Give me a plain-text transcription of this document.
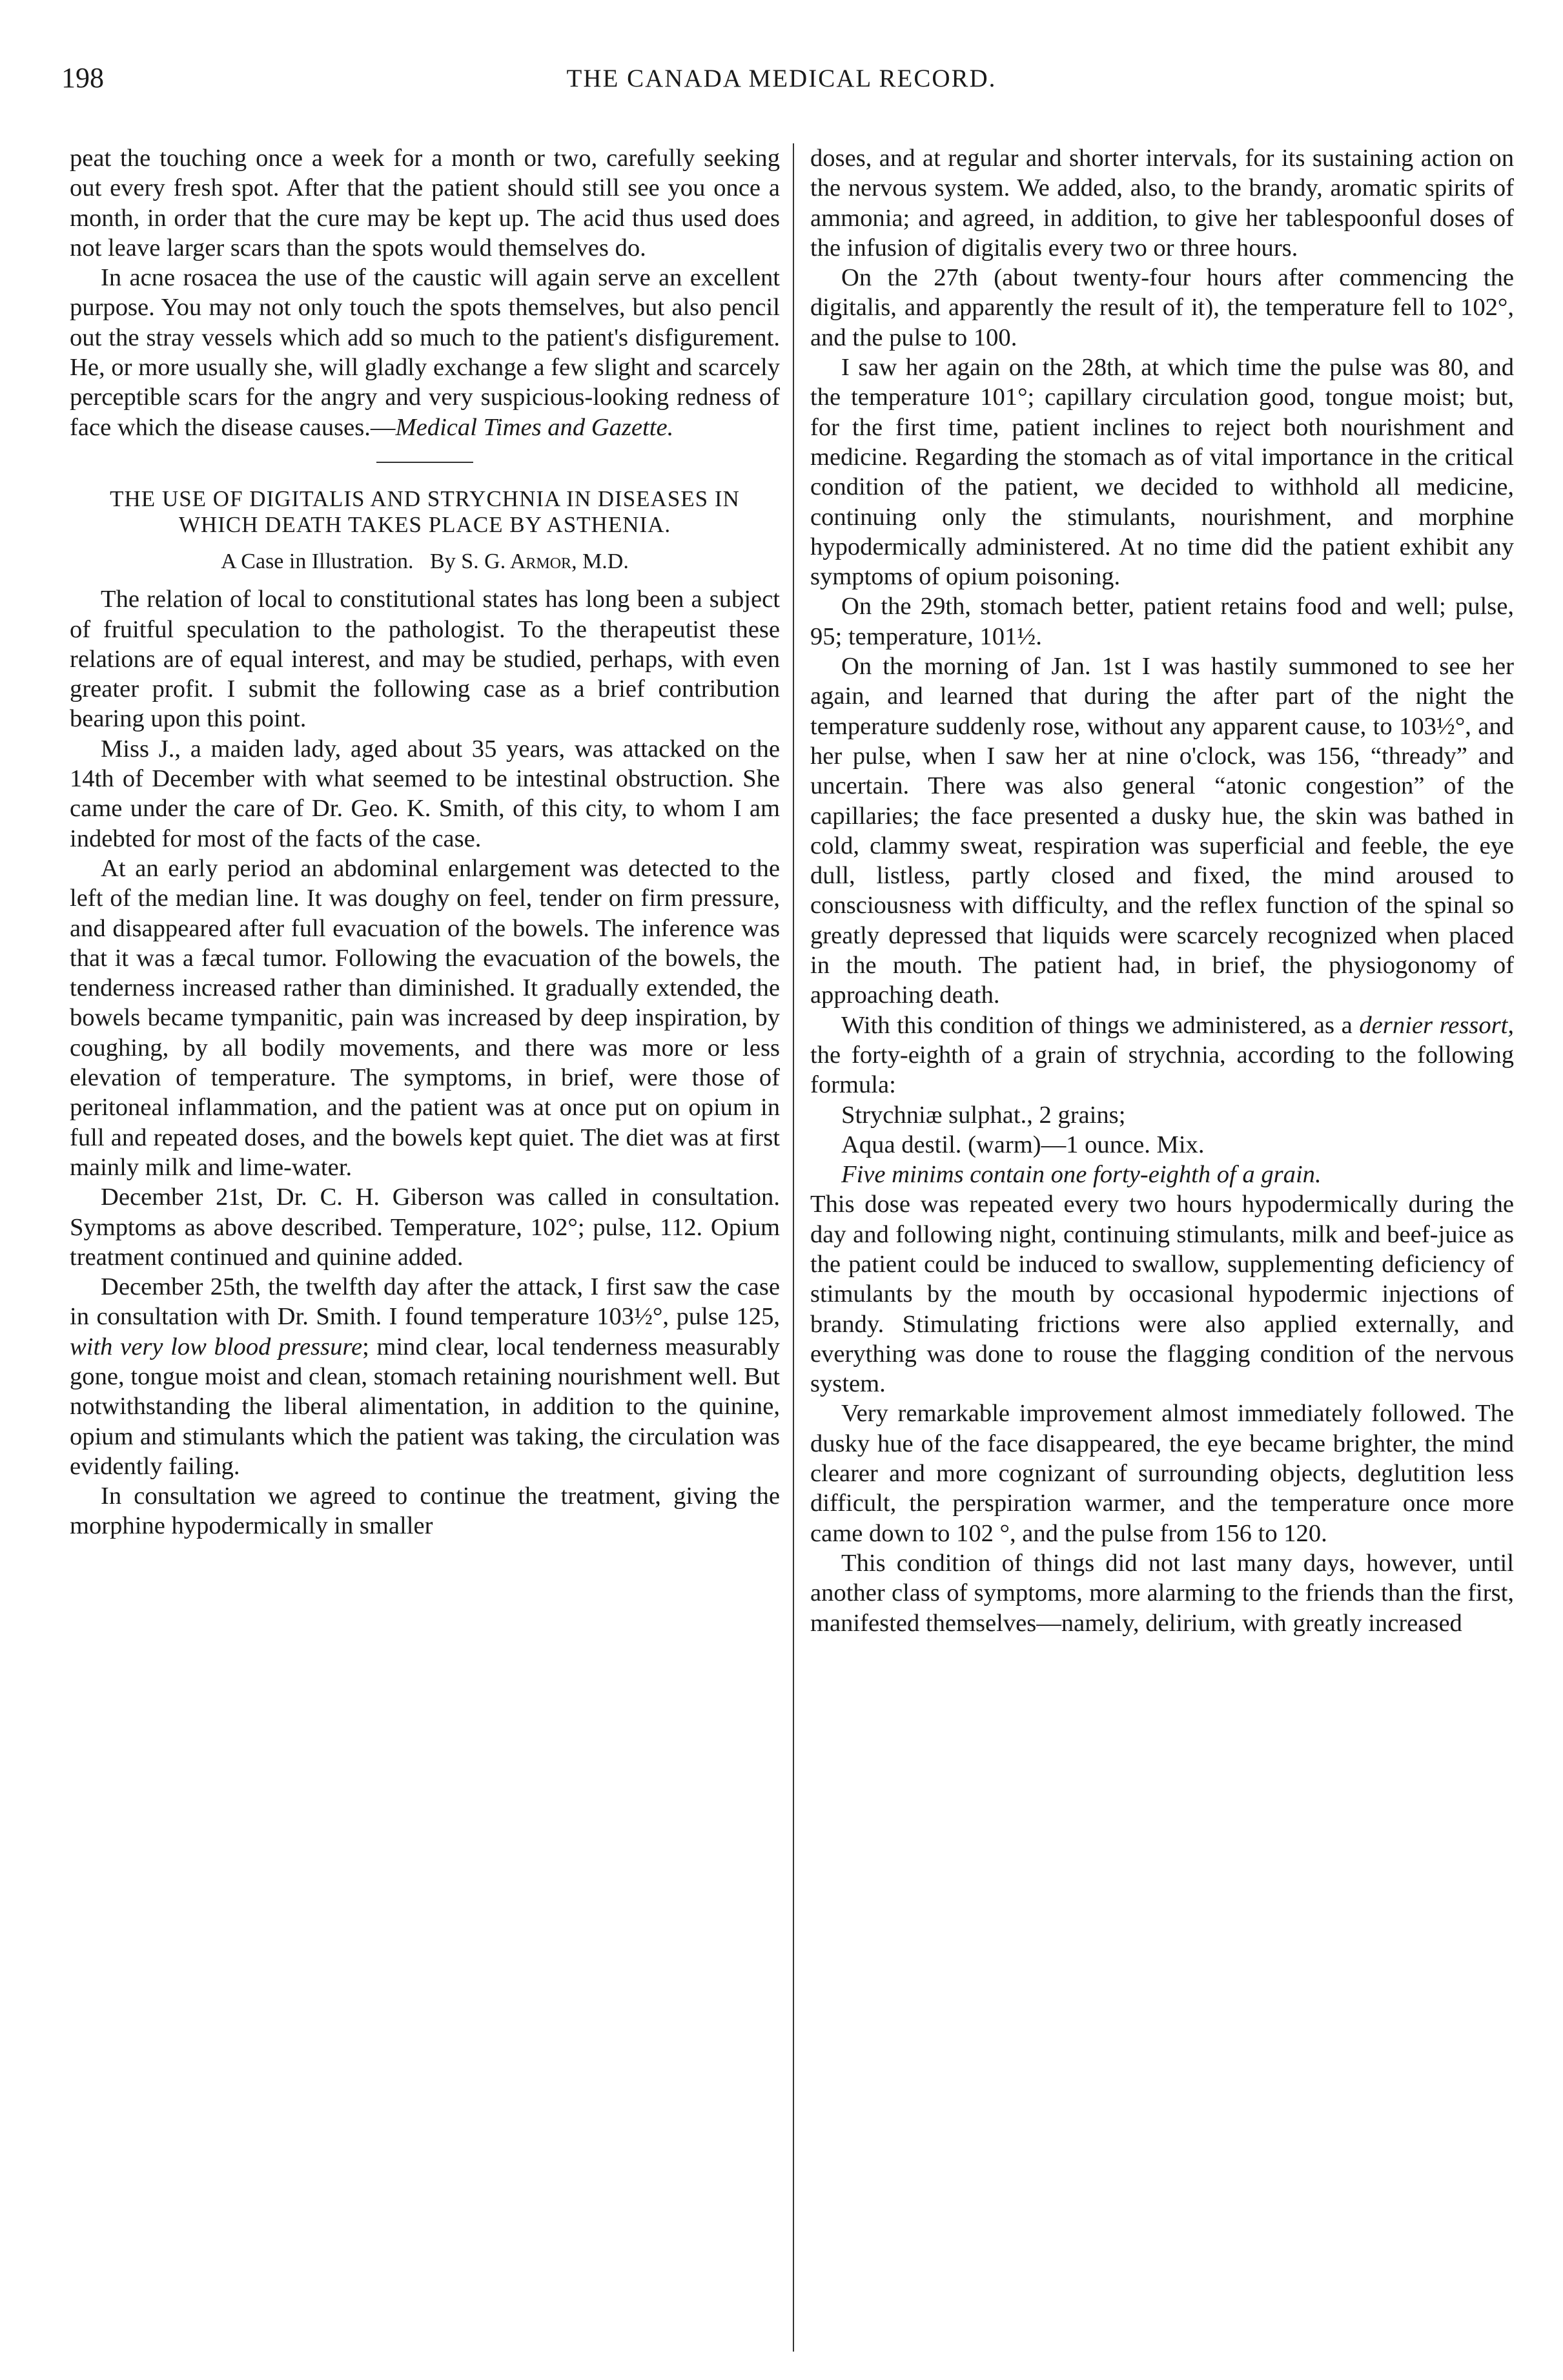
198	THE CANADA MEDICAL RECORD.

peat the touching once a week for a month or two, carefully seeking out every fresh spot. After that the patient should still see you once a month, in order that the cure may be kept up. The acid thus used does not leave larger scars than the spots would themselves do.

In acne rosacea the use of the caustic will again serve an excellent purpose. You may not only touch the spots themselves, but also pencil out the stray vessels which add so much to the patient's disfigurement. He, or more usually she, will gladly exchange a few slight and scarcely perceptible scars for the angry and very suspicious-looking redness of face which the disease causes.—Medical Times and Gazette.

THE USE OF DIGITALIS AND STRYCHNIA IN DISEASES IN WHICH DEATH TAKES PLACE BY ASTHENIA.
A Case in Illustration. By S. G. Armor, M.D.

The relation of local to constitutional states has long been a subject of fruitful speculation to the pathologist. To the therapeutist these relations are of equal interest, and may be studied, perhaps, with even greater profit. I submit the following case as a brief contribution bearing upon this point.

Miss J., a maiden lady, aged about 35 years, was attacked on the 14th of December with what seemed to be intestinal obstruction. She came under the care of Dr. Geo. K. Smith, of this city, to whom I am indebted for most of the facts of the case.

At an early period an abdominal enlargement was detected to the left of the median line. It was doughy on feel, tender on firm pressure, and disappeared after full evacuation of the bowels. The inference was that it was a fæcal tumor. Following the evacuation of the bowels, the tenderness increased rather than diminished. It gradually extended, the bowels became tympanitic, pain was increased by deep inspiration, by coughing, by all bodily movements, and there was more or less elevation of temperature. The symptoms, in brief, were those of peritoneal inflammation, and the patient was at once put on opium in full and repeated doses, and the bowels kept quiet. The diet was at first mainly milk and lime-water.

December 21st, Dr. C. H. Giberson was called in consultation. Symptoms as above described. Temperature, 102°; pulse, 112. Opium treatment continued and quinine added.

December 25th, the twelfth day after the attack, I first saw the case in consultation with Dr. Smith. I found temperature 103½°, pulse 125, with very low blood pressure; mind clear, local tenderness measurably gone, tongue moist and clean, stomach retaining nourishment well. But notwithstanding the liberal alimentation, in addition to the quinine, opium and stimulants which the patient was taking, the circulation was evidently failing.

In consultation we agreed to continue the treatment, giving the morphine hypodermically in smaller

doses, and at regular and shorter intervals, for its sustaining action on the nervous system. We added, also, to the brandy, aromatic spirits of ammonia; and agreed, in addition, to give her tablespoonful doses of the infusion of digitalis every two or three hours.

On the 27th (about twenty-four hours after commencing the digitalis, and apparently the result of it), the temperature fell to 102°, and the pulse to 100.

I saw her again on the 28th, at which time the pulse was 80, and the temperature 101°; capillary circulation good, tongue moist; but, for the first time, patient inclines to reject both nourishment and medicine. Regarding the stomach as of vital importance in the critical condition of the patient, we decided to withhold all medicine, continuing only the stimulants, nourishment, and morphine hypodermically administered. At no time did the patient exhibit any symptoms of opium poisoning.

On the 29th, stomach better, patient retains food and well; pulse, 95; temperature, 101½.

On the morning of Jan. 1st I was hastily summoned to see her again, and learned that during the after part of the night the temperature suddenly rose, without any apparent cause, to 103½°, and her pulse, when I saw her at nine o'clock, was 156, “thready” and uncertain. There was also general “atonic congestion” of the capillaries; the face presented a dusky hue, the skin was bathed in cold, clammy sweat, respiration was superficial and feeble, the eye dull, listless, partly closed and fixed, the mind aroused to consciousness with difficulty, and the reflex function of the spinal so greatly depressed that liquids were scarcely recognized when placed in the mouth. The patient had, in brief, the physiogonomy of approaching death.

With this condition of things we administered, as a dernier ressort, the forty-eighth of a grain of strychnia, according to the following formula:

Strychniæ sulphat., 2 grains;

Aqua destil. (warm)—1 ounce. Mix.

Five minims contain one forty-eighth of a grain.

This dose was repeated every two hours hypodermically during the day and following night, continuing stimulants, milk and beef-juice as the patient could be induced to swallow, supplementing deficiency of stimulants by the mouth by occasional hypodermic injections of brandy. Stimulating frictions were also applied externally, and everything was done to rouse the flagging condition of the nervous system.

Very remarkable improvement almost immediately followed. The dusky hue of the face disappeared, the eye became brighter, the mind clearer and more cognizant of surrounding objects, deglutition less difficult, the perspiration warmer, and the temperature once more came down to 102 °, and the pulse from 156 to 120.

This condition of things did not last many days, however, until another class of symptoms, more alarming to the friends than the first, manifested themselves—namely, delirium, with greatly increased
